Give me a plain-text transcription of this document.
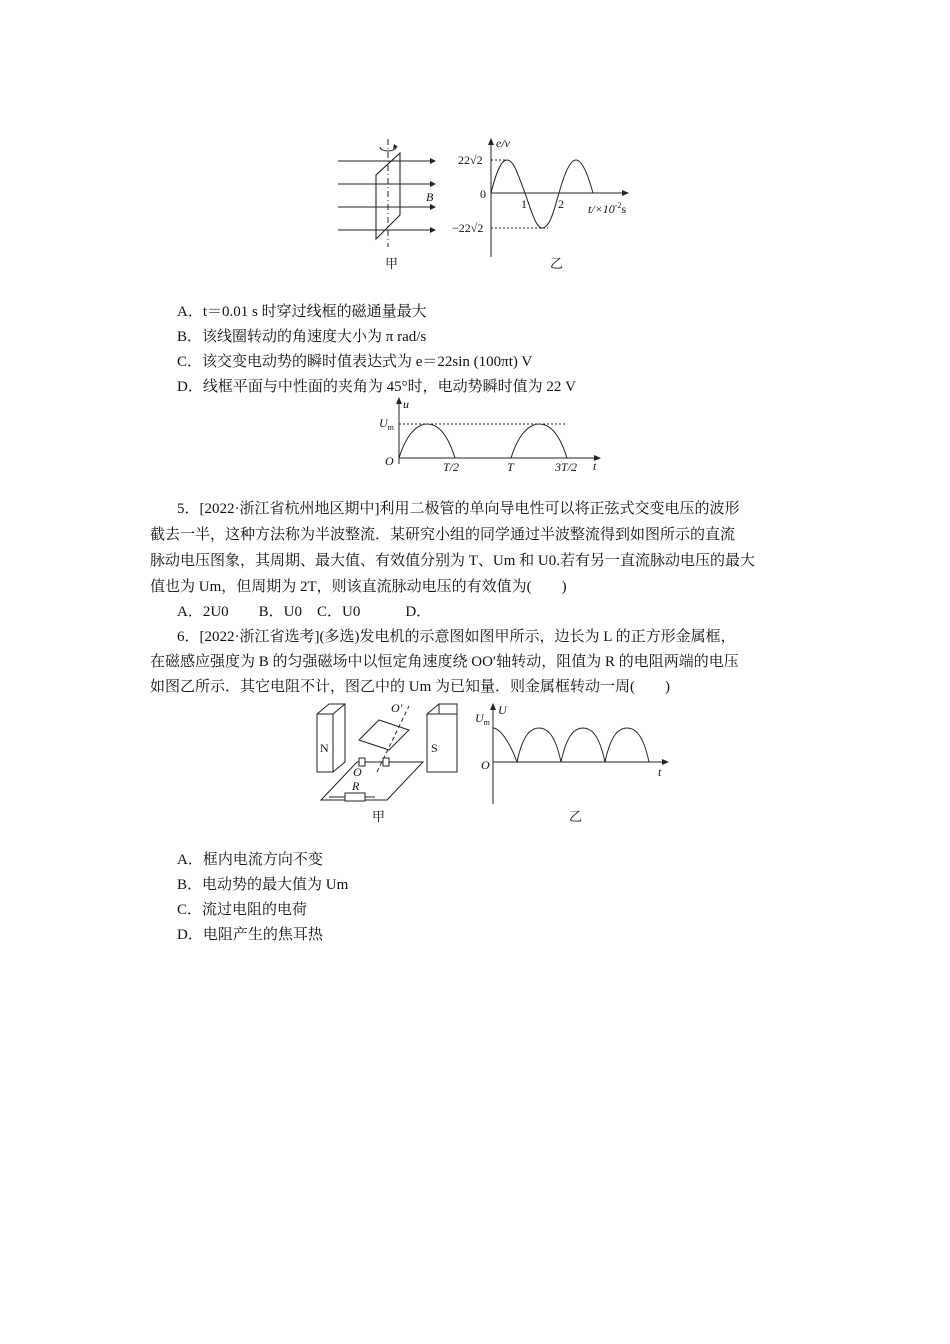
B
甲
e/v
22√2
0
−22√2
1	2 $t/\times 10^{-2}s$
乙
A．t＝0.01 s 时穿过线框的磁通量最大
B．该线圈转动的角速度大小为 π rad/s
C．该交变电动势的瞬时值表达式为 e＝22sin (100πt) V
D．线框平面与中性面的夹角为 45°时，电动势瞬时值为 22 V
u
$U_m$
O	T/2	T	3T/2 t
5．[2022·浙江省杭州地区期中]利用二极管的单向导电性可以将正弦式交变电压的波形
截去一半，这种方法称为半波整流．某研究小组的同学通过半波整流得到如图所示的直流
脉动电压图象，其周期、最大值、有效值分别为 T、Um 和 U0.若有另一直流脉动电压的最大
值也为 Um，但周期为 2T，则该直流脉动电压的有效值为(　　)
A．2U0　　B．U0　C．U0　　　D．
6．[2022·浙江省选考](多选)发电机的示意图如图甲所示，边长为 L 的正方形金属框，
在磁感应强度为 B 的匀强磁场中以恒定角速度绕 OO′轴转动，阻值为 R 的电阻两端的电压
如图乙所示．其它电阻不计，图乙中的 Um 为已知量．则金属框转动一周(　　)
N	S
O′
O
R
甲
$U_m$
U
O	t
乙
A．框内电流方向不变
B．电动势的最大值为 Um
C．流过电阻的电荷
D．电阻产生的焦耳热
